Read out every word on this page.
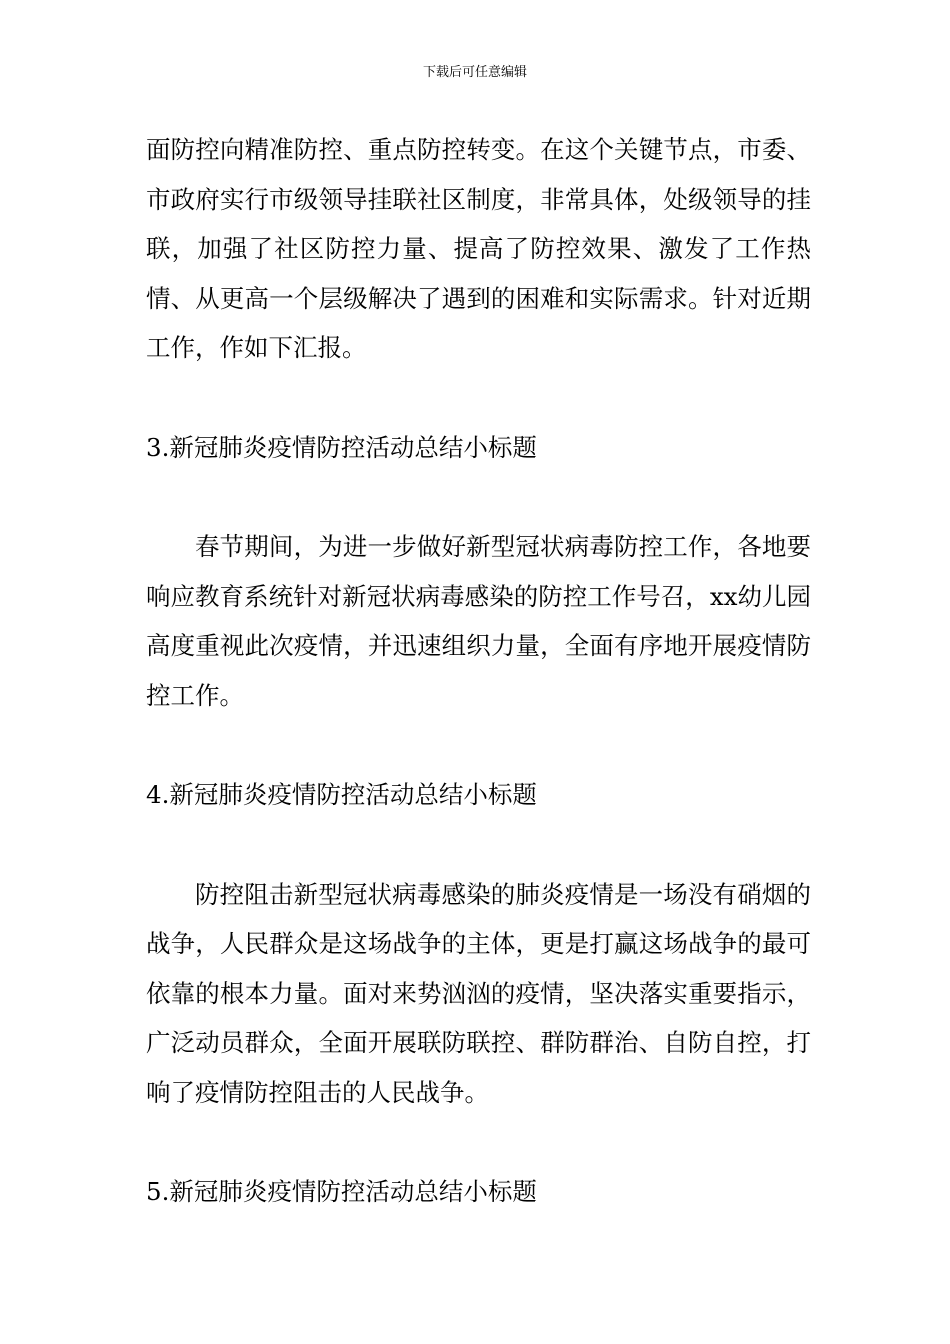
下载后可任意编辑

面防控向精准防控、重点防控转变。在这个关键节点，市委、市政府实行市级领导挂联社区制度，非常具体，处级领导的挂联，加强了社区防控力量、提高了防控效果、激发了工作热情、从更高一个层级解决了遇到的困难和实际需求。针对近期工作，作如下汇报。

3.新冠肺炎疫情防控活动总结小标题

春节期间，为进一步做好新型冠状病毒防控工作，各地要响应教育系统针对新冠状病毒感染的防控工作号召，xx幼儿园高度重视此次疫情，并迅速组织力量，全面有序地开展疫情防控工作。

4.新冠肺炎疫情防控活动总结小标题

防控阻击新型冠状病毒感染的肺炎疫情是一场没有硝烟的战争，人民群众是这场战争的主体，更是打赢这场战争的最可依靠的根本力量。面对来势汹汹的疫情，坚决落实重要指示，广泛动员群众，全面开展联防联控、群防群治、自防自控，打响了疫情防控阻击的人民战争。

5.新冠肺炎疫情防控活动总结小标题
